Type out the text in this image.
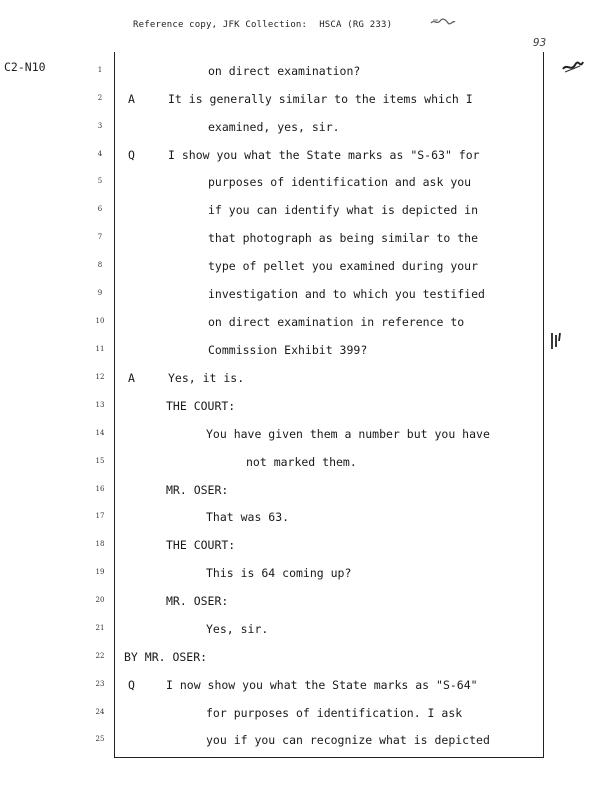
Reference copy, JFK Collection: HSCA (RG 233)
C2-N10
93
1
2
3
4
5
6
7
8
9
10
11
12
13
14
15
16
17
18
19
20
21
22
23
24
25
A
Q
A
Q
on direct examination?
It is generally similar to the items which I
examined, yes, sir.
I show you what the State marks as "S-63" for
purposes of identification and ask you
if you can identify what is depicted in
that photograph as being similar to the
type of pellet you examined during your
investigation and to which you testified
on direct examination in reference to
Commission Exhibit 399?
Yes, it is.
THE COURT:
You have given them a number but you have
not marked them.
MR. OSER:
That was 63.
THE COURT:
This is 64 coming up?
MR. OSER:
Yes, sir.
BY MR. OSER:
I now show you what the State marks as "S-64"
for purposes of identification. I ask
you if you can recognize what is depicted
